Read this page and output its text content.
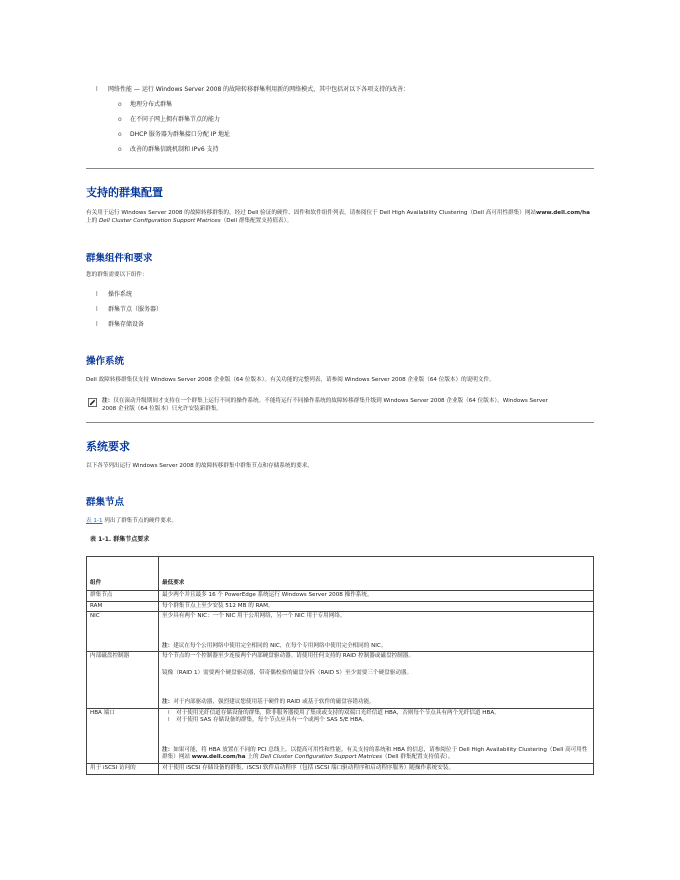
l 网络性能 — 运行 Windows Server 2008 的故障转移群集利用新的网络模式，其中包括对以下各项支持的改善：
o 地理分布式群集
o 在不同子网上拥有群集节点的能力
o DHCP 服务器为群集接口分配 IP 地址
o 改善的群集信跳机制和 IPv6 支持
支持的群集配置
有关用于运行 Windows Server 2008 的故障转移群集的，经过 Dell 验证的硬件、固件和软件组件列表，请参阅位于 Dell High Availability Clustering（Dell 高可用性群集）网站www.dell.com/ha 上的 Dell Cluster Configuration Support Matrices（Dell 群集配置支持值表）。
群集组件和要求
您的群集需要以下组件：
l 操作系统
l 群集节点（服务器）
l 群集存储设备
操作系统
Dell 故障转移群集仅支持 Windows Server 2008 企业版（64 位版本）。有关功能的完整列表，请参阅 Windows Server 2008 企业版（64 位版本）的说明文件。
注：仅在滚动升级期间才支持在一个群集上运行不同的操作系统。不能将运行不同操作系统的故障转移群集升级到 Windows Server 2008 企业版（64 位版本）。Windows Server 2008 企业版（64 位版本）只允许安装新群集。
系统要求
以下各节列出运行 Windows Server 2008 的故障转移群集中群集节点和存储系统的要求。
群集节点
表 1-1 列出了群集节点的硬件要求。
表 1-1. 群集节点要求
组件	最低要求
群集节点	最少两个并且最多 16 个 PowerEdge 系统运行 Windows Server 2008 操作系统。
RAM	每个群集节点上至少安装 512 MB 的 RAM。
NIC	至少具有两个 NIC：一个 NIC 用于公用网络，另一个 NIC 用于专用网络。
注：建议在每个公用网络中使用完全相同的 NIC，在每个专用网络中使用完全相同的 NIC。

内部磁盘控制器	每个节点的一个控制器至少连接两个内部硬盘驱动器。请使用任何支持的 RAID 控制器或磁盘控制器。
镜像（RAID 1）需要两个硬盘驱动器，带奇偶校验的磁盘分拆（RAID 5）至少需要三个硬盘驱动器。
注：对于内部驱动器，强烈建议您使用基于硬件的 RAID 或基于软件的磁盘容错功能。

HBA 端口	l 对于使用光纤信道存储设备的群集，除非服务器使用了集成或支持的双端口光纤信道 HBA，否则每个节点具有两个光纤信道 HBA。
l 对于使用 SAS 存储设备的群集，每个节点应具有一个或两个 SAS 5/E HBA。
注：如果可能，将 HBA 放置在不同的 PCI 总线上，以提高可用性和性能。有关支持的系统和 HBA 的信息，请参阅位于 Dell High Availability Clustering（Dell 高可用性群集）网站 www.dell.com/ha 上的 Dell Cluster Configuration Support Matrices（Dell 群集配置支持值表）。

用于 iSCSI 访问的	对于使用 iSCSI 存储设备的群集，iSCSI 软件启动程序（包括 iSCSI 端口驱动程序和启动程序服务）随操作系统安装。
